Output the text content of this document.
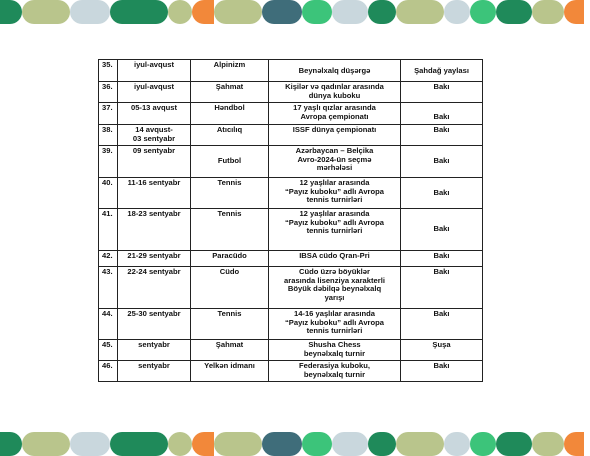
35.	iyul-avqust	Alpinizm	Beynəlxalq düşərgə	Şahdağ yaylası

36.	iyul-avqust	Şahmat	Kişilər və qadınlar arasında
dünya kuboku	Bakı

37.	05-13 avqust	Həndbol	17 yaşlı qızlar arasında
Avropa çempionatı	Bakı

38.	14 avqust-
03 sentyabr	Atıcılıq	ISSF dünya çempionatı	Bakı

39.	09 sentyabr	Futbol	Azərbaycan – Belçika
Avro-2024-ün seçmə
mərhələsi	Bakı

40.	11-16 sentyabr	Tennis	12 yaşlılar arasında
“Payız kuboku” adlı Avropa
tennis turnirləri	Bakı

41.	18-23 sentyabr	Tennis	12 yaşlılar arasında
“Payız kuboku” adlı Avropa
tennis turnirləri	Bakı

42.	21-29 sentyabr	Paracüdo	IBSA cüdo Qran-Pri	Bakı

43.	22-24 sentyabr	Cüdo	Cüdo üzrə böyüklər
arasında lisenziya xarakterli
Böyük dəbilqə beynəlxalq
yarışı	Bakı

44.	25-30 sentyabr	Tennis	14-16 yaşlılar arasında
“Payız kuboku” adlı Avropa
tennis turnirləri	Bakı

45.	sentyabr	Şahmat	Shusha Chess
beynəlxalq turnir	Şuşa

46.	sentyabr	Yelkən idmanı	Federasiya kuboku,
beynəlxalq turnir	Bakı
